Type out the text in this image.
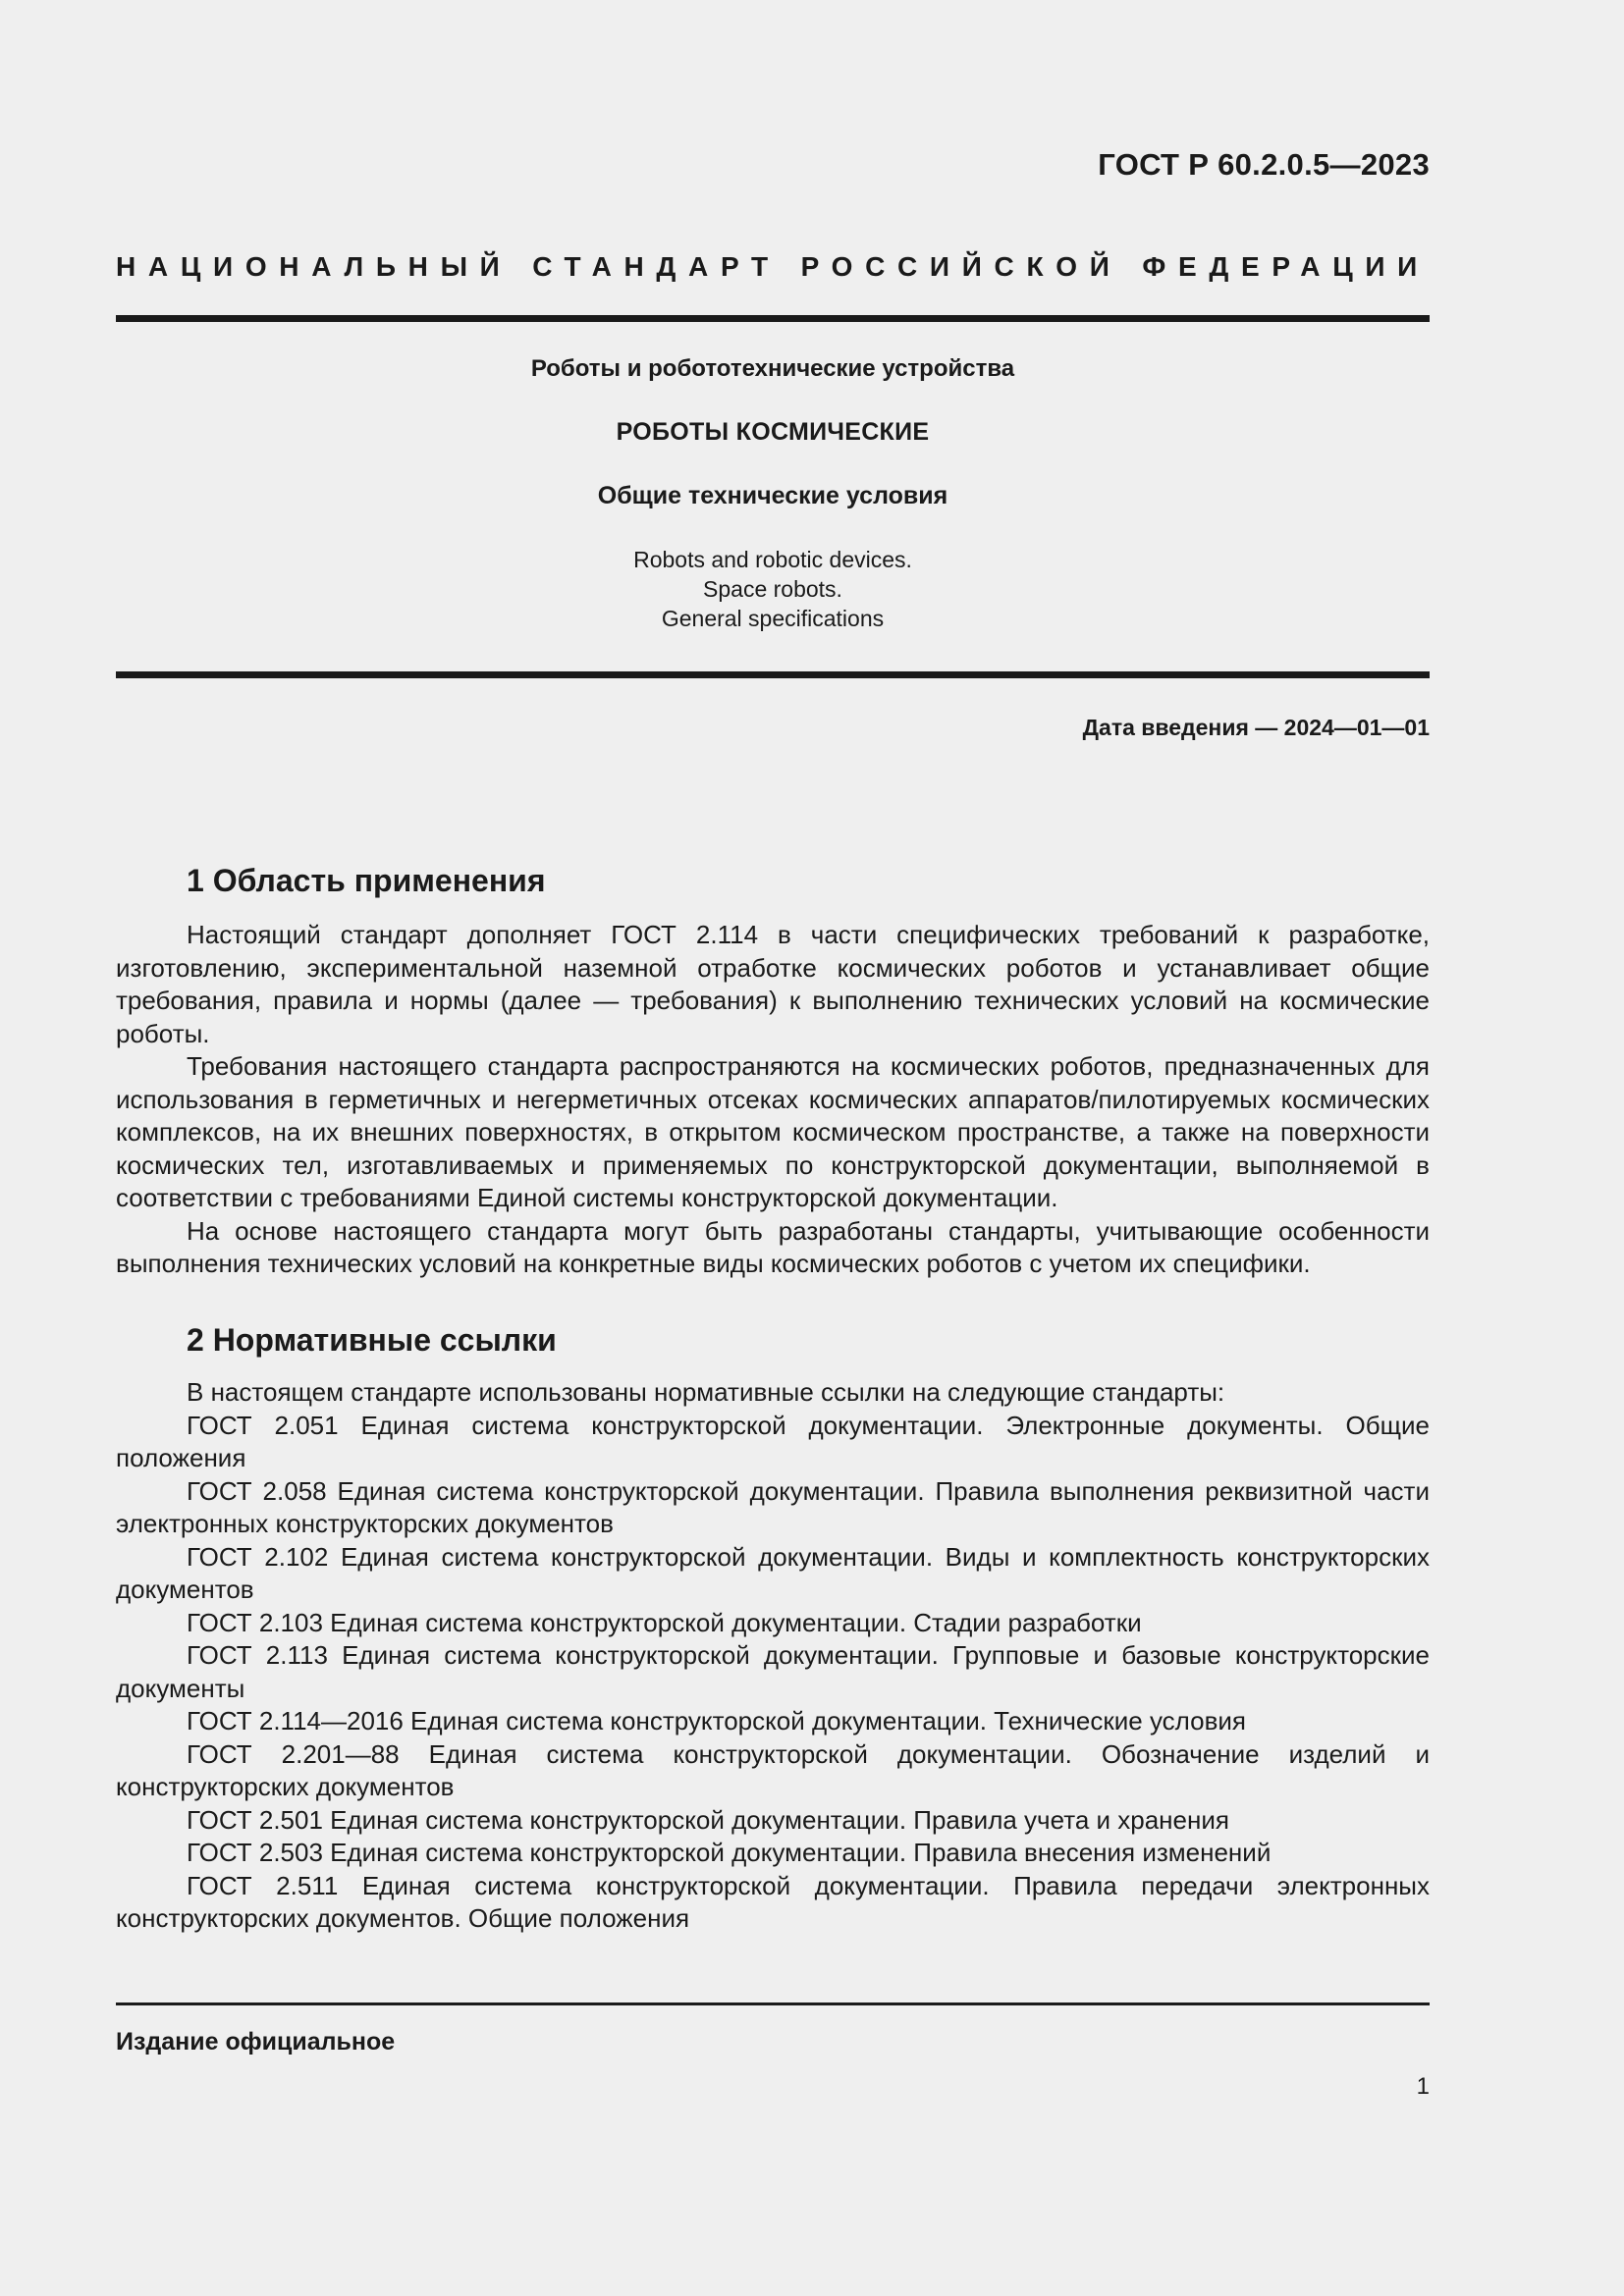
ГОСТ Р 60.2.0.5—2023

НАЦИОНАЛЬНЫЙ СТАНДАРТ РОССИЙСКОЙ ФЕДЕРАЦИИ

Роботы и робототехнические устройства

РОБОТЫ КОСМИЧЕСКИЕ

Общие технические условия

Robots and robotic devices.
Space robots.
General specifications

Дата введения — 2024—01—01

1 Область применения

Настоящий стандарт дополняет ГОСТ 2.114 в части специфических требований к разработке, изготовлению, экспериментальной наземной отработке космических роботов и устанавливает общие требования, правила и нормы (далее — требования) к выполнению технических условий на космические роботы.

Требования настоящего стандарта распространяются на космических роботов, предназначенных для использования в герметичных и негерметичных отсеках космических аппаратов/пилотируемых космических комплексов, на их внешних поверхностях, в открытом космическом пространстве, а также на поверхности космических тел, изготавливаемых и применяемых по конструкторской документации, выполняемой в соответствии с требованиями Единой системы конструкторской документации.

На основе настоящего стандарта могут быть разработаны стандарты, учитывающие особенности выполнения технических условий на конкретные виды космических роботов с учетом их специфики.

2 Нормативные ссылки

В настоящем стандарте использованы нормативные ссылки на следующие стандарты:

ГОСТ 2.051 Единая система конструкторской документации. Электронные документы. Общие положения

ГОСТ 2.058 Единая система конструкторской документации. Правила выполнения реквизитной части электронных конструкторских документов

ГОСТ 2.102 Единая система конструкторской документации. Виды и комплектность конструкторских документов

ГОСТ 2.103 Единая система конструкторской документации. Стадии разработки

ГОСТ 2.113 Единая система конструкторской документации. Групповые и базовые конструкторские документы

ГОСТ 2.114—2016 Единая система конструкторской документации. Технические условия

ГОСТ 2.201—88 Единая система конструкторской документации. Обозначение изделий и конструкторских документов

ГОСТ 2.501 Единая система конструкторской документации. Правила учета и хранения

ГОСТ 2.503 Единая система конструкторской документации. Правила внесения изменений

ГОСТ 2.511 Единая система конструкторской документации. Правила передачи электронных конструкторских документов. Общие положения

Издание официальное

1
